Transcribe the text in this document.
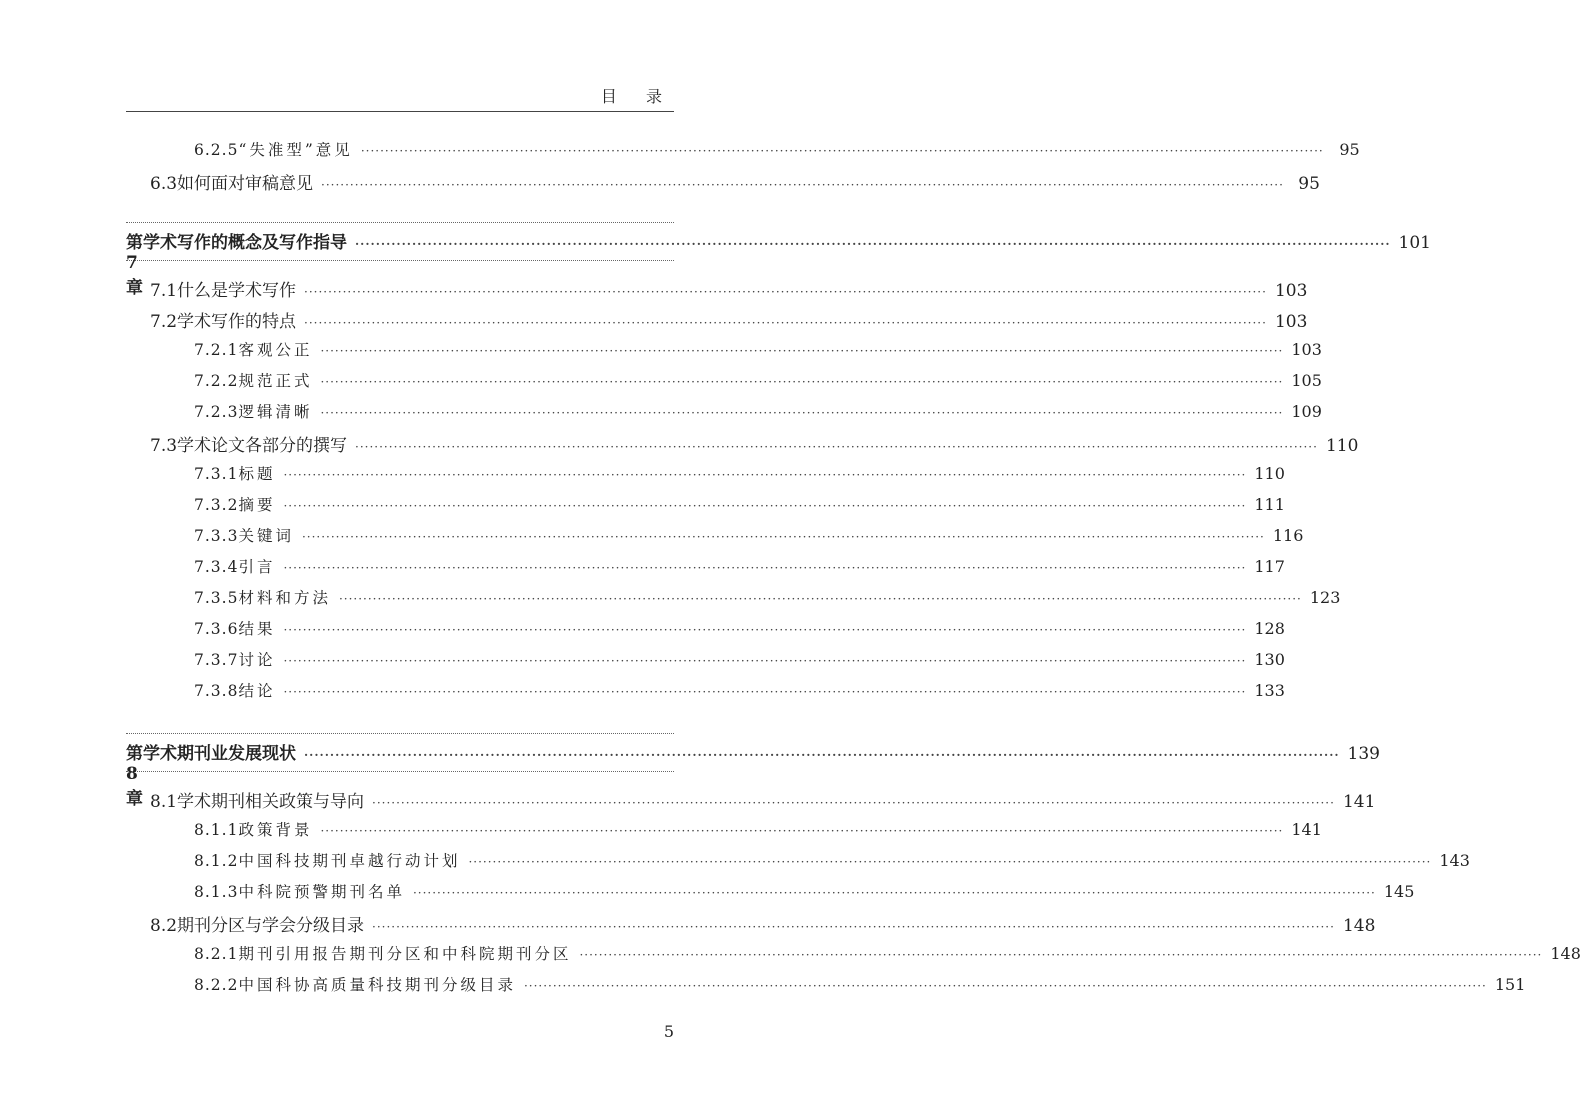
目 录
6.2.5 “失准型”意见 ········································································································································································································ 95
6.3 如何面对审稿意见 ········································································································································································································ 95
第 7 章
学术写作的概念及写作指导 ········································································································································································································ 101
7.1 什么是学术写作 ········································································································································································································ 103
7.2 学术写作的特点 ········································································································································································································ 103
7.2.1 客观公正 ········································································································································································································ 103
7.2.2 规范正式 ········································································································································································································ 105
7.2.3 逻辑清晰 ········································································································································································································ 109
7.3 学术论文各部分的撰写 ········································································································································································································ 110
7.3.1 标题 ········································································································································································································ 110
7.3.2 摘要 ········································································································································································································ 111
7.3.3 关键词 ········································································································································································································ 116
7.3.4 引言 ········································································································································································································ 117
7.3.5 材料和方法 ········································································································································································································ 123
7.3.6 结果 ········································································································································································································ 128
7.3.7 讨论 ········································································································································································································ 130
7.3.8 结论 ········································································································································································································ 133
第 8 章
学术期刊业发展现状 ········································································································································································································ 139
8.1 学术期刊相关政策与导向 ········································································································································································································ 141
8.1.1 政策背景 ········································································································································································································ 141
8.1.2 中国科技期刊卓越行动计划 ········································································································································································································ 143
8.1.3 中科院预警期刊名单 ········································································································································································································ 145
8.2 期刊分区与学会分级目录 ········································································································································································································ 148
8.2.1 期刊引用报告期刊分区和中科院期刊分区 ········································································································································································································ 148
8.2.2 中国科协高质量科技期刊分级目录 ········································································································································································································ 151
5
